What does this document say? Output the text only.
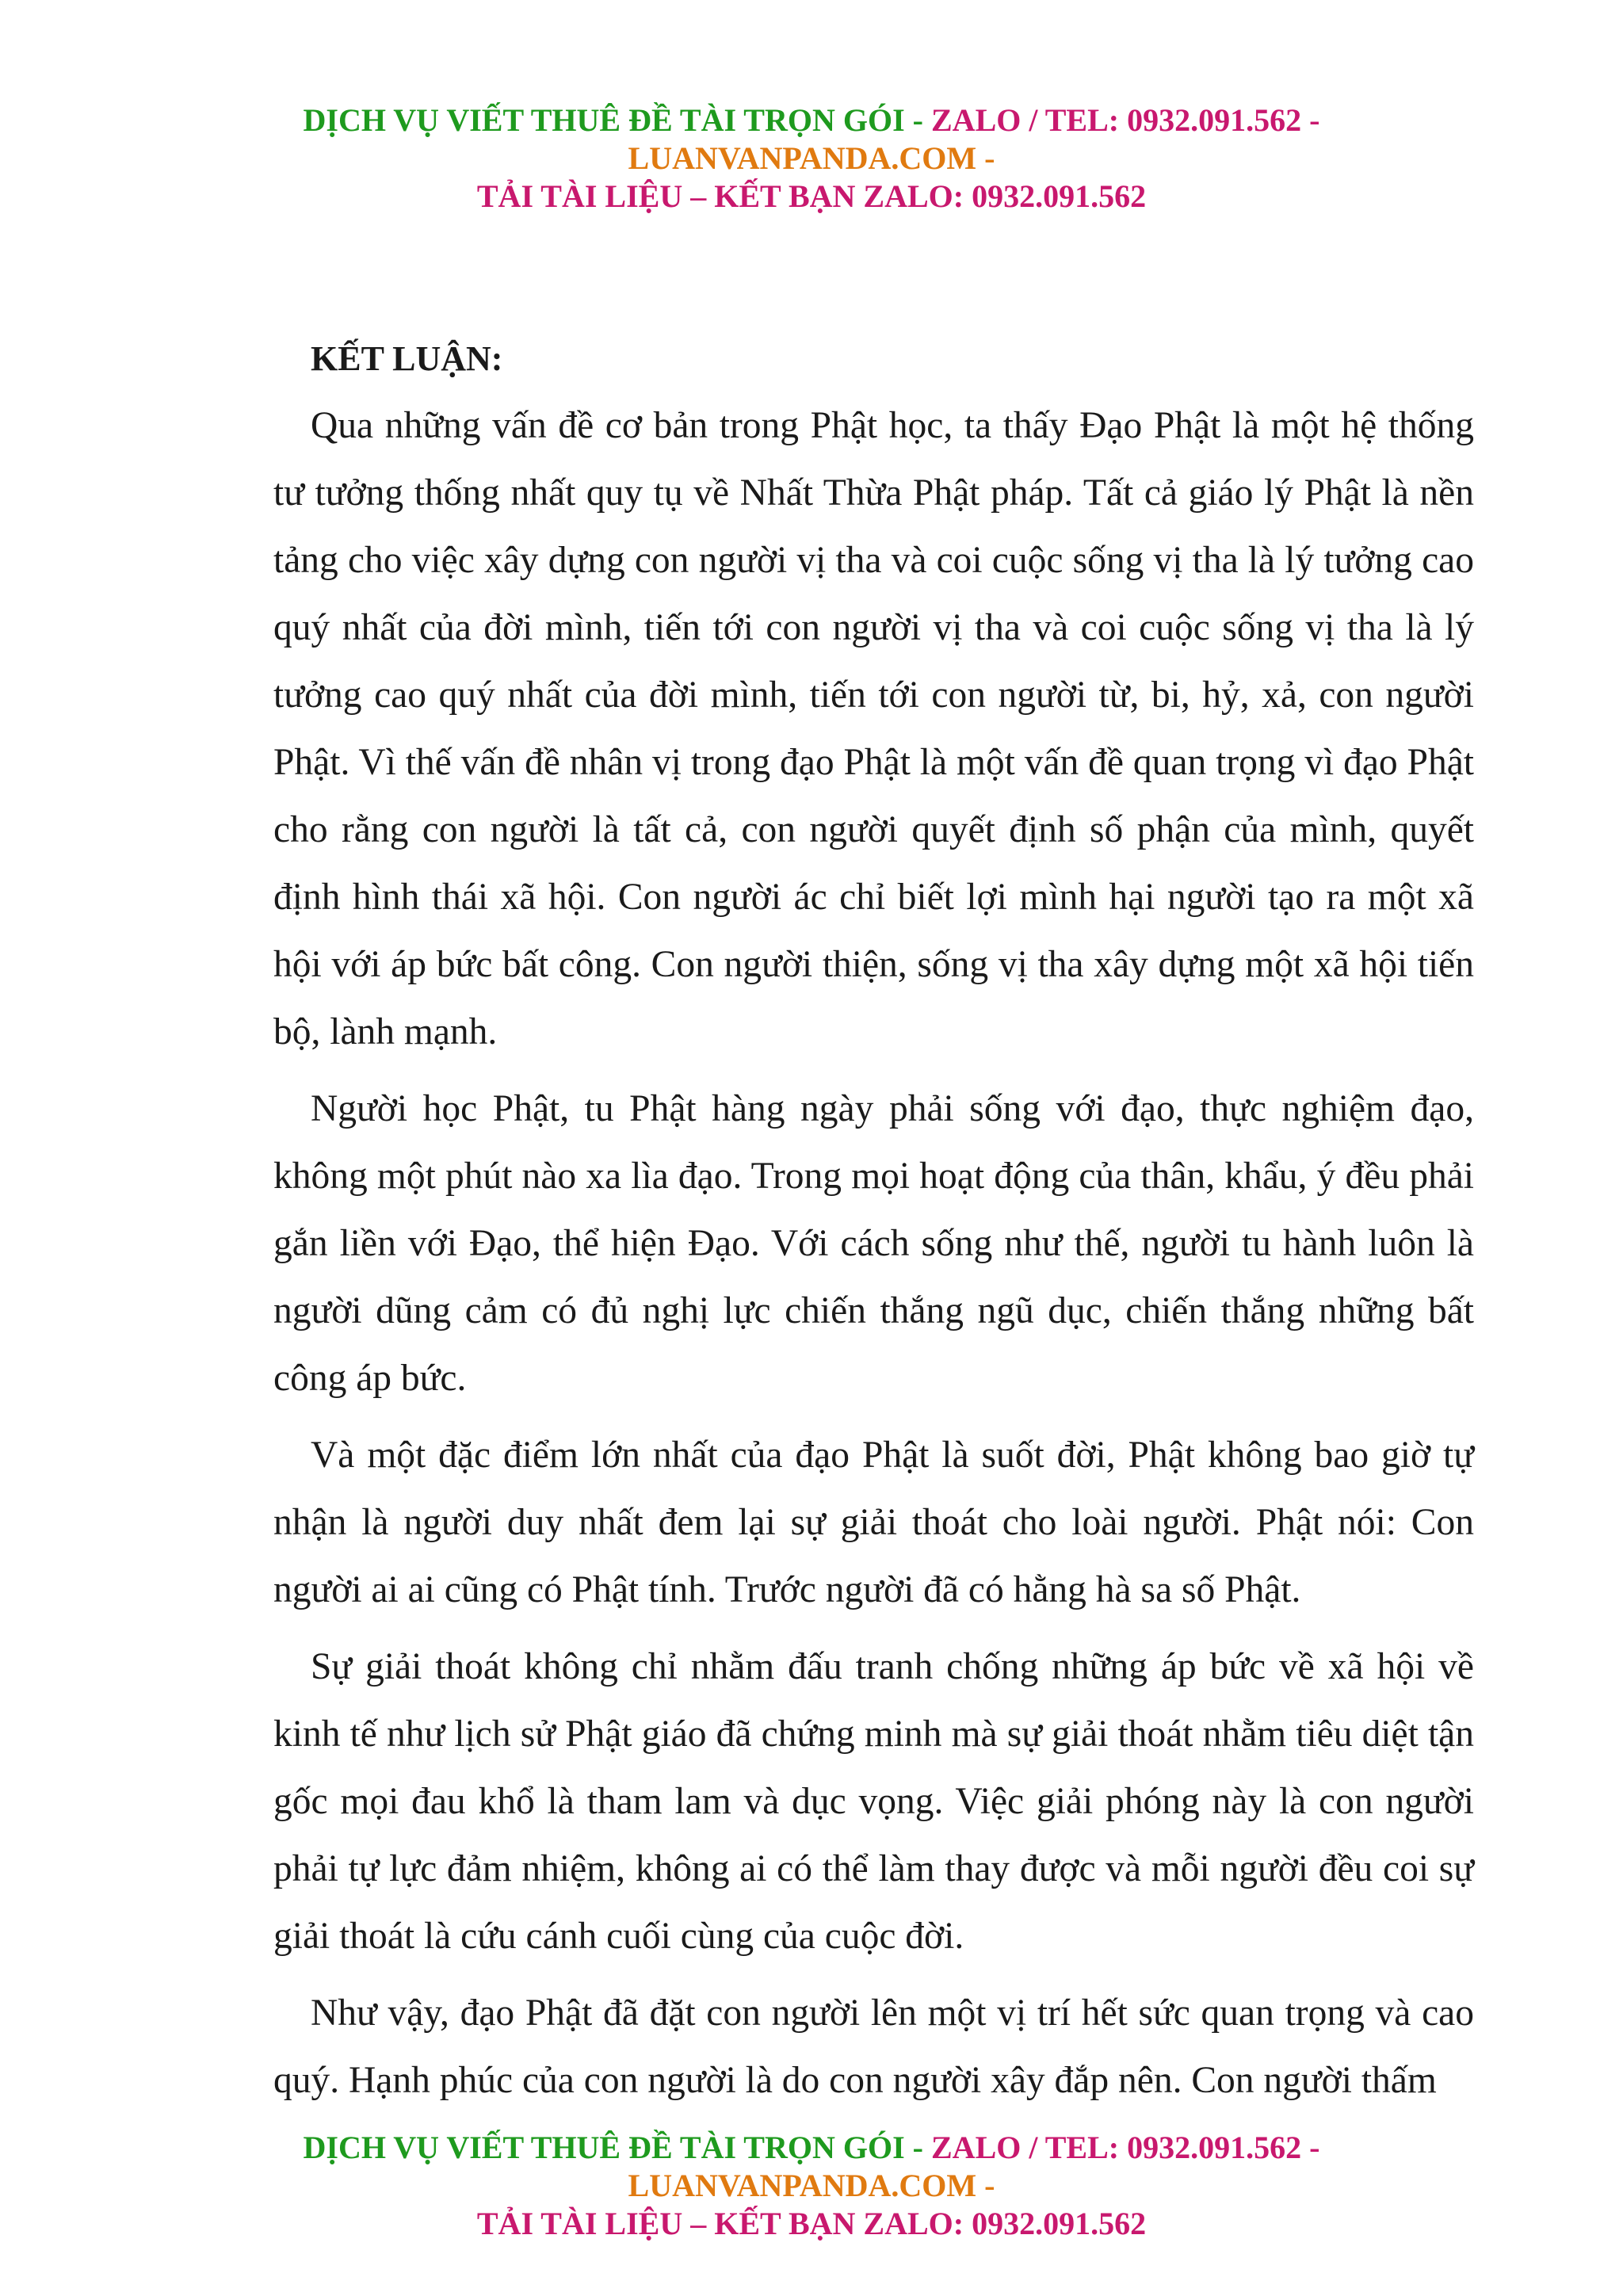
DỊCH VỤ VIẾT THUÊ ĐỀ TÀI TRỌN GÓI - ZALO / TEL: 0932.091.562 -
LUANVANPANDA.COM -
TẢI TÀI LIỆU – KẾT BẠN ZALO: 0932.091.562
KẾT LUẬN:

Qua những vấn đề cơ bản trong Phật học, ta thấy Đạo Phật là một hệ thống tư tưởng thống nhất quy tụ về Nhất Thừa Phật pháp. Tất cả giáo lý Phật là nền tảng cho việc xây dựng con người vị tha và coi cuộc sống vị tha là lý tưởng cao quý nhất của đời mình, tiến tới con người vị tha và coi cuộc sống vị tha là lý tưởng cao quý nhất của đời mình, tiến tới con người từ, bi, hỷ, xả, con người Phật. Vì thế vấn đề nhân vị trong đạo Phật là một vấn đề quan trọng vì đạo Phật cho rằng con người là tất cả, con người quyết định số phận của mình, quyết định hình thái xã hội. Con người ác chỉ biết lợi mình hại người tạo ra một xã hội với áp bức bất công. Con người thiện, sống vị tha xây dựng một xã hội tiến bộ, lành mạnh.

Người học Phật, tu Phật hàng ngày phải sống với đạo, thực nghiệm đạo, không một phút nào xa lìa đạo. Trong mọi hoạt động của thân, khẩu, ý đều phải gắn liền với Đạo, thể hiện Đạo. Với cách sống như thế, người tu hành luôn là người dũng cảm có đủ nghị lực chiến thắng ngũ dục, chiến thắng những bất công áp bức.

Và một đặc điểm lớn nhất của đạo Phật là suốt đời, Phật không bao giờ tự nhận là người duy nhất đem lại sự giải thoát cho loài người. Phật nói: Con người ai ai cũng có Phật tính. Trước người đã có hằng hà sa số Phật.

Sự giải thoát không chỉ nhằm đấu tranh chống những áp bức về xã hội về kinh tế như lịch sử Phật giáo đã chứng minh mà sự giải thoát nhằm tiêu diệt tận gốc mọi đau khổ là tham lam và dục vọng. Việc giải phóng này là con người phải tự lực đảm nhiệm, không ai có thể làm thay được và mỗi người đều coi sự giải thoát là cứu cánh cuối cùng của cuộc đời.

Như vậy, đạo Phật đã đặt con người lên một vị trí hết sức quan trọng và cao quý. Hạnh phúc của con người là do con người xây đắp nên. Con người thấm

DỊCH VỤ VIẾT THUÊ ĐỀ TÀI TRỌN GÓI - ZALO / TEL: 0932.091.562 -
LUANVANPANDA.COM -
TẢI TÀI LIỆU – KẾT BẠN ZALO: 0932.091.562
